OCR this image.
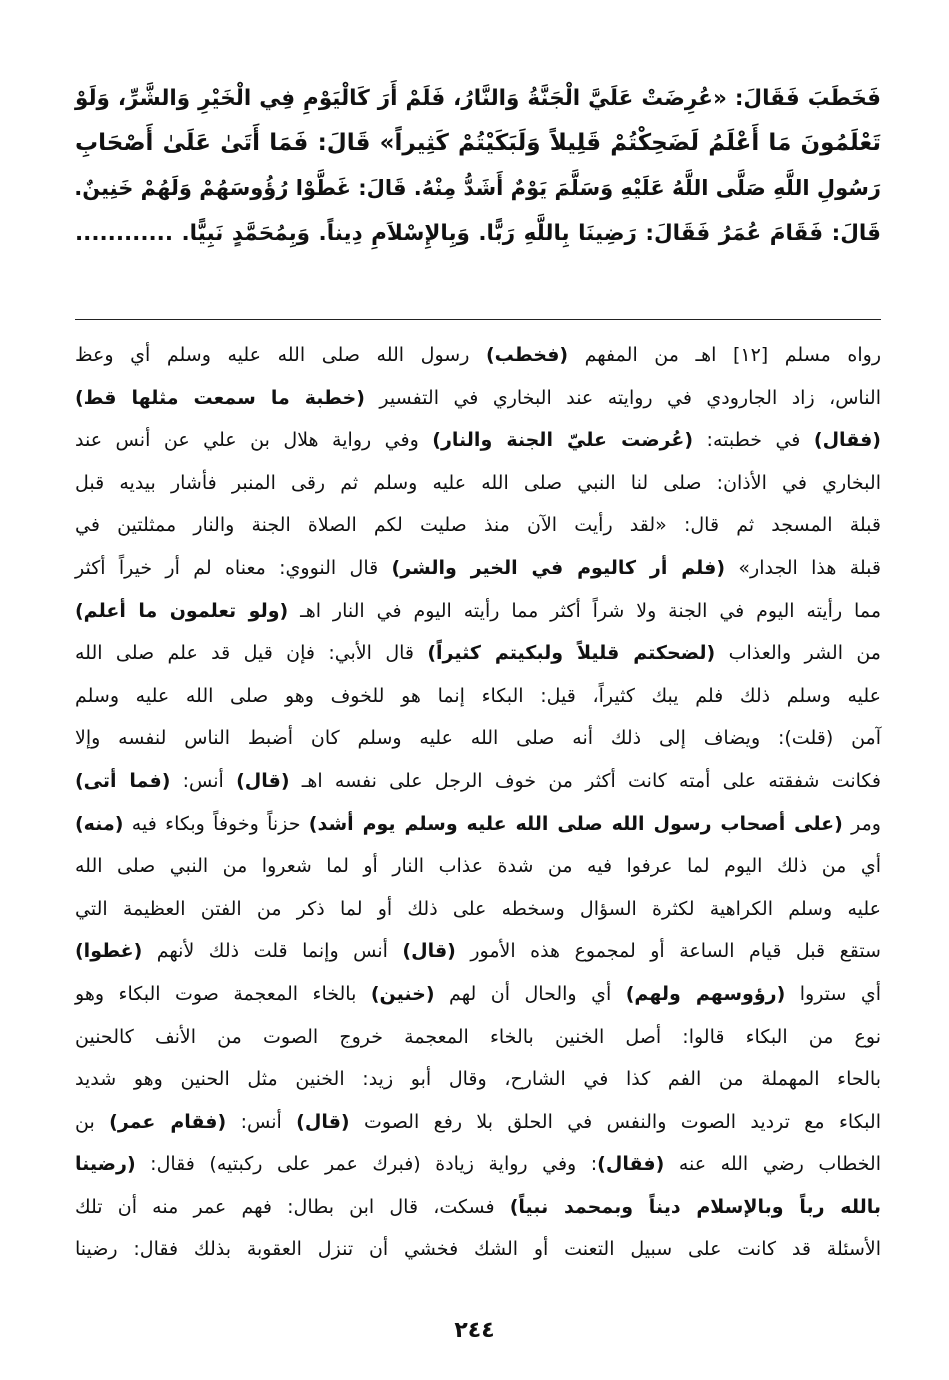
فَخَطَبَ فَقَالَ: «عُرِضَتْ عَلَيَّ الْجَنَّةُ وَالنَّارُ، فَلَمْ أَرَ كَالْيَوْمِ فِي الْخَيْرِ وَالشَّرِّ، وَلَوْ
تَعْلَمُونَ مَا أَعْلَمُ لَضَحِكْتُمْ قَلِيلاً وَلَبَكَيْتُمْ كَثِيراً» قَالَ: فَمَا أَتَىٰ عَلَىٰ أَصْحَابِ
رَسُولِ اللَّهِ صَلَّى اللَّهُ عَلَيْهِ وَسَلَّمَ يَوْمٌ أَشَدُّ مِنْهُ. قَالَ: غَطَّوْا رُؤُوسَهُمْ وَلَهُمْ خَنِينٌ.
قَالَ: فَقَامَ عُمَرُ فَقَالَ: رَضِينَا بِاللَّهِ رَبًّا. وَبِالإِسْلاَمِ دِيناً. وَبِمُحَمَّدٍ نَبِيًّا. ............
رواه مسلم [١٢] اهـ من المفهم (فخطب) رسول الله صلى الله عليه وسلم أي وعظ
الناس، زاد الجارودي في روايته عند البخاري في التفسير (خطبة ما سمعت مثلها قط)
(فقال) في خطبته: (عُرضت عليّ الجنة والنار) وفي رواية هلال بن علي عن أنس عند
البخاري في الأذان: صلى لنا النبي صلى الله عليه وسلم ثم رقى المنبر فأشار بيديه قبل
قبلة المسجد ثم قال: «لقد رأيت الآن منذ صليت لكم الصلاة الجنة والنار ممثلتين في
قبلة هذا الجدار» (فلم أر كاليوم في الخير والشر) قال النووي: معناه لم أر خيراً أكثر
مما رأيته اليوم في الجنة ولا شراً أكثر مما رأيته اليوم في النار اهـ (ولو تعلمون ما أعلم)
من الشر والعذاب (لضحكتم قليلاً ولبكيتم كثيراً) قال الأبي: فإن قيل قد علم صلى الله
عليه وسلم ذلك فلم يبك كثيراً، قيل: البكاء إنما هو للخوف وهو صلى الله عليه وسلم
آمن (قلت): ويضاف إلى ذلك أنه صلى الله عليه وسلم كان أضبط الناس لنفسه وإلا
فكانت شفقته على أمته كانت أكثر من خوف الرجل على نفسه اهـ (قال) أنس: (فما أتى)
ومر (على أصحاب رسول الله صلى الله عليه وسلم يوم أشد) حزناً وخوفاً وبكاء فيه (منه)
أي من ذلك اليوم لما عرفوا فيه من شدة عذاب النار أو لما شعروا من النبي صلى الله
عليه وسلم الكراهية لكثرة السؤال وسخطه على ذلك أو لما ذكر من الفتن العظيمة التي
ستقع قبل قيام الساعة أو لمجموع هذه الأمور (قال) أنس وإنما قلت ذلك لأنهم (غطوا)
أي ستروا (رؤوسهم ولهم) أي والحال أن لهم (خنين) بالخاء المعجمة صوت البكاء وهو
نوع من البكاء قالوا: أصل الخنين بالخاء المعجمة خروج الصوت من الأنف كالحنين
بالحاء المهملة من الفم كذا في الشارح، وقال أبو زيد: الخنين مثل الحنين وهو شديد
البكاء مع ترديد الصوت والنفس في الحلق بلا رفع الصوت (قال) أنس: (فقام عمر) بن
الخطاب رضي الله عنه (فقال): وفي رواية زيادة (فبرك عمر على ركبتيه) فقال: (رضينا
بالله رباً وبالإسلام ديناً وبمحمد نبياً) فسكت، قال ابن بطال: فهم عمر منه أن تلك
الأسئلة قد كانت على سبيل التعنت أو الشك فخشي أن تنزل العقوبة بذلك فقال: رضينا
٢٤٤
